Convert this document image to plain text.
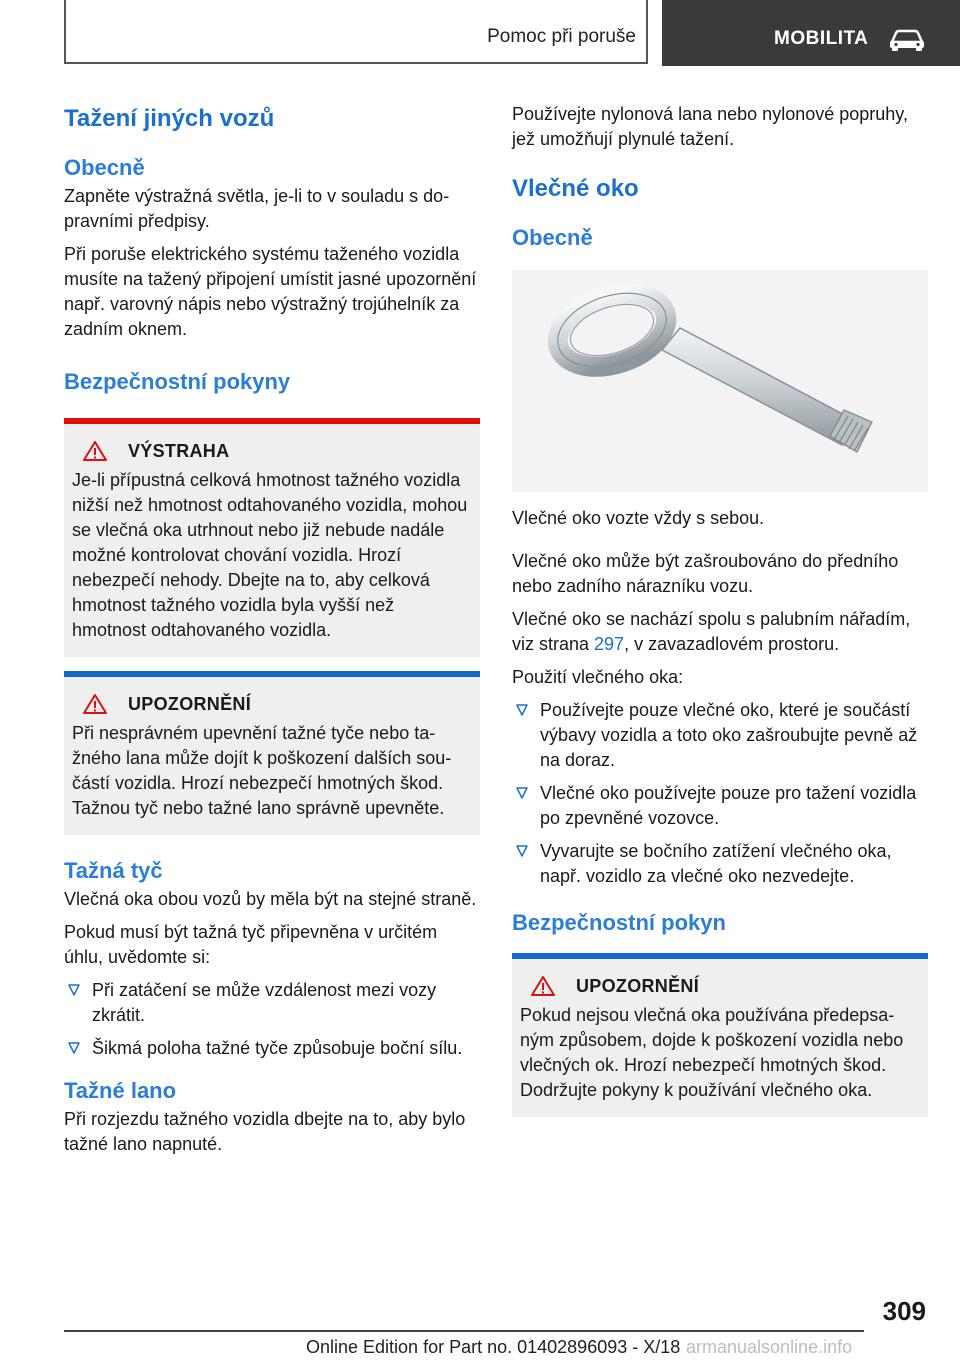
Pomoc při poruše	MOBILITA
Tažení jiných vozů
Obecně

Zapněte výstražná světla, je-li to v souladu s dopravními předpisy.

Při poruše elektrického systému taženého vozidla musíte na tažený připojení umístit jasné upozornění např. varovný nápis nebo výstražný trojúhelník za zadním oknem.

Bezpečnostní pokyny
VÝSTRAHA

Je-li přípustná celková hmotnost tažného vozidla nižší než hmotnost odtahovaného vozidla, mohou se vlečná oka utrhnout nebo již nebude nadále možné kontrolovat chování vozidla. Hrozí nebezpečí nehody. Dbejte na to, aby celková hmotnost tažného vozidla byla vyšší než hmotnost odtahovaného vozidla.

UPOZORNĚNÍ

Při nesprávném upevnění tažné tyče nebo tažného lana může dojít k poškození dalších součástí vozidla. Hrozí nebezpečí hmotných škod. Tažnou tyč nebo tažné lano správně upevněte.

Tažná tyč

Vlečná oka obou vozů by měla být na stejné straně.

Pokud musí být tažná tyč připevněna v určitém úhlu, uvědomte si:

Při zatáčení se může vzdálenost mezi vozy zkrátit.
Šikmá poloha tažné tyče způsobuje boční sílu.
Tažné lano

Při rozjezdu tažného vozidla dbejte na to, aby bylo tažné lano napnuté.

Používejte nylonová lana nebo nylonové popruhy, jež umožňují plynulé tažení.

Vlečné oko
Obecně

Vlečné oko vozte vždy s sebou.

Vlečné oko může být zašroubováno do předního nebo zadního nárazníku vozu.

Vlečné oko se nachází spolu s palubním nářadím, viz strana 297, v zavazadlovém prostoru.

Použití vlečného oka:

Používejte pouze vlečné oko, které je součástí výbavy vozidla a toto oko zašroubujte pevně až na doraz.
Vlečné oko používejte pouze pro tažení vozidla po zpevněné vozovce.
Vyvarujte se bočního zatížení vlečného oka, např. vozidlo za vlečné oko nezvedejte.
Bezpečnostní pokyn
UPOZORNĚNÍ

Pokud nejsou vlečná oka používána předepsaným způsobem, dojde k poškození vozidla nebo vlečných ok. Hrozí nebezpečí hmotných škod. Dodržujte pokyny k používání vlečného oka.

309
Online Edition for Part no. 01402896093 - X/18 armanualsonline.info
